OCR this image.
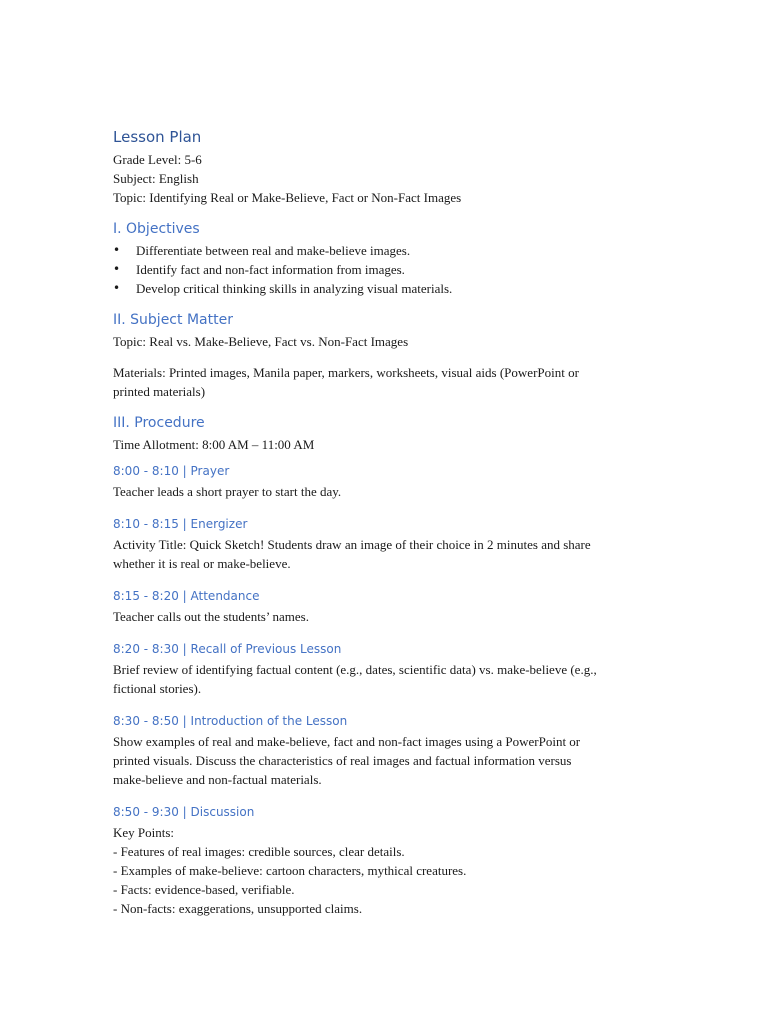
Lesson Plan

Grade Level: 5-6

Subject: English

Topic: Identifying Real or Make-Believe, Fact or Non-Fact Images

I. Objectives
• Differentiate between real and make-believe images.
• Identify fact and non-fact information from images.
• Develop critical thinking skills in analyzing visual materials.
II. Subject Matter

Topic: Real vs. Make-Believe, Fact vs. Non-Fact Images

Materials: Printed images, Manila paper, markers, worksheets, visual aids (PowerPoint or

printed materials)

III. Procedure

Time Allotment: 8:00 AM – 11:00 AM

8:00 - 8:10 | Prayer

Teacher leads a short prayer to start the day.

8:10 - 8:15 | Energizer

Activity Title: Quick Sketch! Students draw an image of their choice in 2 minutes and share

whether it is real or make-believe.

8:15 - 8:20 | Attendance

Teacher calls out the students’ names.

8:20 - 8:30 | Recall of Previous Lesson

Brief review of identifying factual content (e.g., dates, scientific data) vs. make-believe (e.g.,

fictional stories).

8:30 - 8:50 | Introduction of the Lesson

Show examples of real and make-believe, fact and non-fact images using a PowerPoint or

printed visuals. Discuss the characteristics of real images and factual information versus

make-believe and non-factual materials.

8:50 - 9:30 | Discussion

Key Points:

- Features of real images: credible sources, clear details.

- Examples of make-believe: cartoon characters, mythical creatures.

- Facts: evidence-based, verifiable.

- Non-facts: exaggerations, unsupported claims.
